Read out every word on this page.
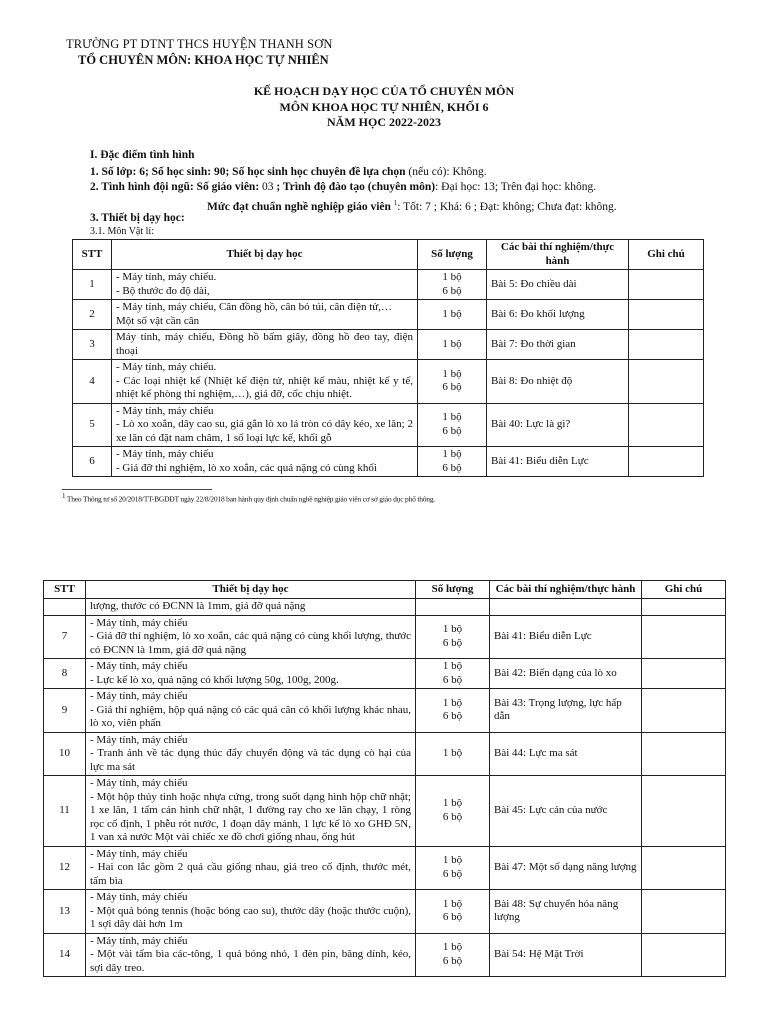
TRƯỜNG PT DTNT THCS HUYỆN THANH SƠN
TỔ CHUYÊN MÔN: KHOA HỌC TỰ NHIÊN
KẾ HOẠCH DẠY HỌC CỦA TỔ CHUYÊN MÔN
MÔN KHOA HỌC TỰ NHIÊN, KHỐI 6
NĂM HỌC 2022-2023
I. Đặc điểm tình hình
1. Số lớp: 6; Số học sinh: 90; Số học sinh học chuyên đề lựa chọn (nếu có): Không.
2. Tình hình đội ngũ: Số giáo viên: 03 ; Trình độ đào tạo (chuyên môn): Đại học: 13; Trên đại học: không.
Mức đạt chuẩn nghề nghiệp giáo viên $^1$: Tốt: 7 ; Khá: 6 ; Đạt: không; Chưa đạt: không.
3. Thiết bị dạy học:
3.1. Môn Vật lí:
STT	Thiết bị dạy học	Số lượng	Các bài thí nghiệm/thực hành	Ghi chú
1	- Máy tính, máy chiếu.
- Bộ thước đo độ dài,	1 bộ
6 bộ	Bài 5: Đo chiều dài	
2	- Máy tính, máy chiếu, Cân đồng hồ, cân bỏ túi, cân điện tử,…
Một số vật cần cân	1 bộ	Bài 6: Đo khối lượng	
3	Máy tính, máy chiếu, Đồng hồ bấm giây, đồng hồ đeo tay, điện thoại	1 bộ	Bài 7: Đo thời gian	
4	- Máy tính, máy chiếu.
- Các loại nhiệt kế (Nhiệt kế điện tử, nhiệt kế màu, nhiệt kế y tế, nhiệt kế phòng thí nghiệm,…), giá đỡ, cốc chịu nhiệt.	1 bộ
6 bộ	Bài 8: Đo nhiệt độ	
5	- Máy tính, máy chiếu
- Lò xo xoắn, dây cao su, giá gắn lò xo lá tròn có dây kéo, xe lăn; 2 xe lăn có đặt nam châm, 1 số loại lực kế, khối gỗ	1 bộ
6 bộ	Bài 40: Lực là gì?	
6	- Máy tính, máy chiếu
- Giá đỡ thí nghiệm, lò xo xoắn, các quả nặng có cùng khối	1 bộ
6 bộ	Bài 41: Biểu diễn Lực	
$^1$ Theo Thông tư số 20/2018/TT-BGDĐT ngày 22/8/2018 ban hành quy định chuẩn nghề nghiệp giáo viên cơ sở giáo dục phổ thông.
STT	Thiết bị dạy học	Số lượng	Các bài thí nghiệm/thực hành	Ghi chú

	lượng, thước có ĐCNN là 1mm, giá đỡ quả nặng			

7	- Máy tính, máy chiếu
- Giá đỡ thí nghiệm, lò xo xoắn, các quả nặng có cùng khối lượng, thước có ĐCNN là 1mm, giá đỡ quả nặng	1 bộ
6 bộ	Bài 41: Biểu diễn Lực	
8	- Máy tính, máy chiếu
- Lực kế lò xo, quả nặng có khối lượng 50g, 100g, 200g.	1 bộ
6 bộ	Bài 42: Biến dạng của lò xo	
9	- Máy tính, máy chiếu
- Giá thí nghiệm, hộp quả nặng có các quả cân có khối lượng khác nhau, lò xo, viên phấn	1 bộ
6 bộ	Bài 43: Trọng lượng, lực hấp dẫn	
10	- Máy tính, máy chiếu
- Tranh ảnh về tác dụng thúc đẩy chuyển động và tác dụng cò hại của lực ma sát	1 bộ	Bài 44: Lực ma sát	
11	- Máy tính, máy chiếu
- Một hộp thủy tinh hoặc nhựa cứng, trong suốt dạng hình hộp chữ nhật; 1 xe lăn, 1 tấm cản hình chữ nhật, 1 đường ray cho xe lăn chạy, 1 ròng rọc cố định, 1 phễu rót nước, 1 đoạn dây mảnh, 1 lực kế lò xo GHĐ 5N, 1 van xả nước Một vài chiếc xe đồ chơi giống nhau, ống hút	1 bộ
6 bộ	Bài 45: Lực cản của nước	
12	- Máy tính, máy chiếu
- Hai con lắc gồm 2 quả cầu giống nhau, giá treo cố định, thước mét, tấm bìa	1 bộ
6 bộ	Bài 47: Một số dạng năng lượng	
13	- Máy tính, máy chiếu
- Một quả bóng tennis (hoặc bóng cao su), thước dây (hoặc thước cuộn), 1 sợi dây dài hơn 1m	1 bộ
6 bộ	Bài 48: Sự chuyển hóa năng lượng	
14	- Máy tính, máy chiếu
- Một vài tấm bìa các-tông, 1 quả bóng nhỏ, 1 đèn pin, băng dính, kéo, sợi dây treo.	1 bộ
6 bộ	Bài 54: Hệ Mặt Trời	
